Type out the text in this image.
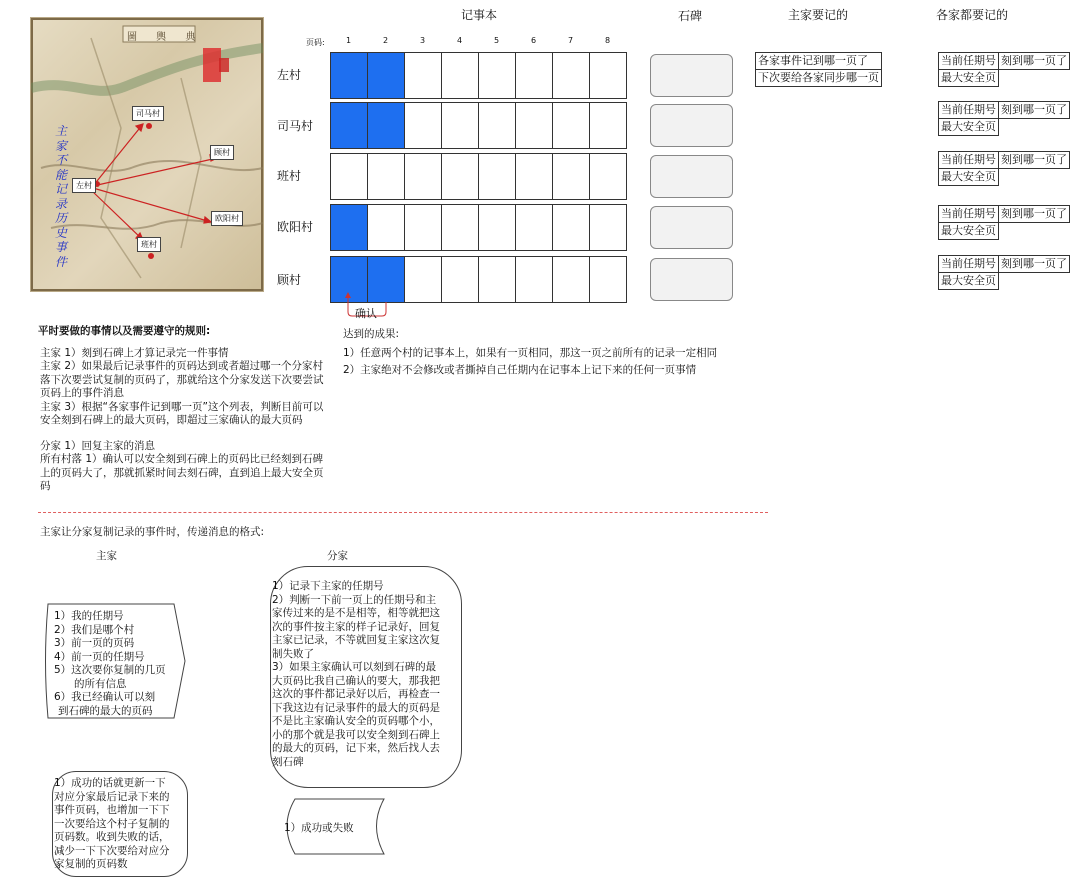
圖 輿 典
主家不能记录历史事件
司马村
顾村
左村
欧阳村
班村
记事本	石碑	主家要记的	各家都要记的
页码:	1	2	3	4	5	6	7	8
左村
司马村
班村
欧阳村
顾村
确认
各家事件记到哪一页了
下次要给各家同步哪一页
当前任期号 刻到哪一页了
最大安全页
当前任期号 刻到哪一页了
最大安全页
当前任期号 刻到哪一页了
最大安全页
当前任期号 刻到哪一页了
最大安全页
当前任期号 刻到哪一页了
最大安全页

平时要做的事情以及需要遵守的规则:

主家 1）刻到石碑上才算记录完一件事情

主家 2）如果最后记录事件的页码达到或者超过哪一个分家村落下次要尝试复制的页码了，那就给这个分家发送下次要尝试页码上的事件消息

主家 3）根据“各家事件记到哪一页”这个列表，判断目前可以安全刻到石碑上的最大页码，即超过三家确认的最大页码

分家 1）回复主家的消息

所有村落 1）确认可以安全刻到石碑上的页码比已经刻到石碑上的页码大了，那就抓紧时间去刻石碑，直到追上最大安全页码

达到的成果:
1）任意两个村的记事本上，如果有一页相同，那这一页之前所有的记录一定相同
2）主家绝对不会修改或者撕掉自己任期内在记事本上记下来的任何一页事情
主家让分家复制记录的事件时，传递消息的格式:
主家	分家

1）我的任期号

2）我们是哪个村

3）前一页的页码

4）前一页的任期号

5）这次要你复制的几页

的所有信息

6）我已经确认可以刻

到石碑的最大的页码

1）记录下主家的任期号

2）判断一下前一页上的任期号和主

家传过来的是不是相等，相等就把这

次的事件按主家的样子记录好，回复

主家已记录，不等就回复主家这次复

制失败了

3）如果主家确认可以刻到石碑的最

大页码比我自己确认的要大，那我把

这次的事件都记录好以后，再检查一

下我这边有记录事件的最大的页码是

不是比主家确认安全的页码哪个小，

小的那个就是我可以安全刻到石碑上

的最大的页码，记下来，然后找人去

刻石碑

1）成功的话就更新一下

对应分家最后记录下来的

事件页码，也增加一下下

一次要给这个村子复制的

页码数。收到失败的话，

减少一下下次要给对应分

家复制的页码数

1）成功或失败
